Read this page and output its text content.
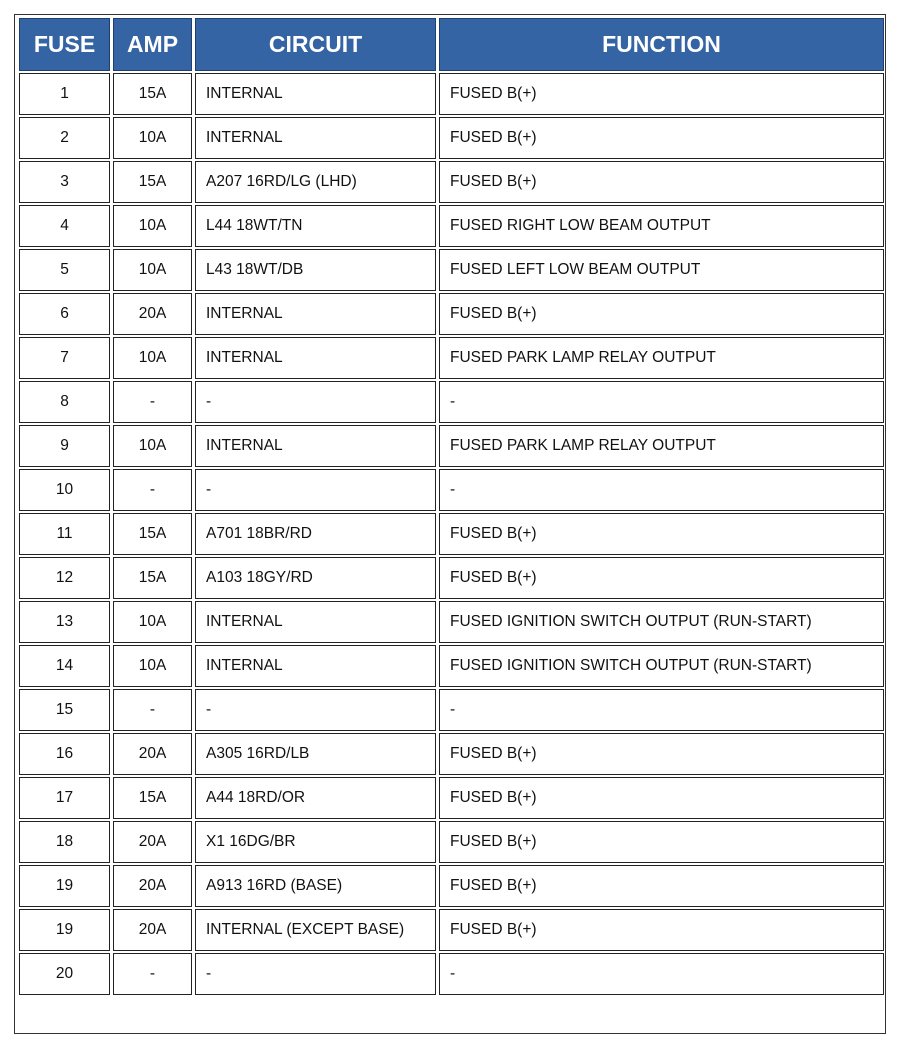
FUSE	AMP	CIRCUIT	FUNCTION
1	15A	INTERNAL	FUSED B(+)
2	10A	INTERNAL	FUSED B(+)
3	15A	A207 16RD/LG (LHD)	FUSED B(+)
4	10A	L44 18WT/TN	FUSED RIGHT LOW BEAM OUTPUT
5	10A	L43 18WT/DB	FUSED LEFT LOW BEAM OUTPUT
6	20A	INTERNAL	FUSED B(+)
7	10A	INTERNAL	FUSED PARK LAMP RELAY OUTPUT
8	-	-	-
9	10A	INTERNAL	FUSED PARK LAMP RELAY OUTPUT
10	-	-	-
11	15A	A701 18BR/RD	FUSED B(+)
12	15A	A103 18GY/RD	FUSED B(+)
13	10A	INTERNAL	FUSED IGNITION SWITCH OUTPUT (RUN-START)
14	10A	INTERNAL	FUSED IGNITION SWITCH OUTPUT (RUN-START)
15	-	-	-
16	20A	A305 16RD/LB	FUSED B(+)
17	15A	A44 18RD/OR	FUSED B(+)
18	20A	X1 16DG/BR	FUSED B(+)
19	20A	A913 16RD (BASE)	FUSED B(+)
19	20A	INTERNAL (EXCEPT BASE)	FUSED B(+)
20	-	-	-
